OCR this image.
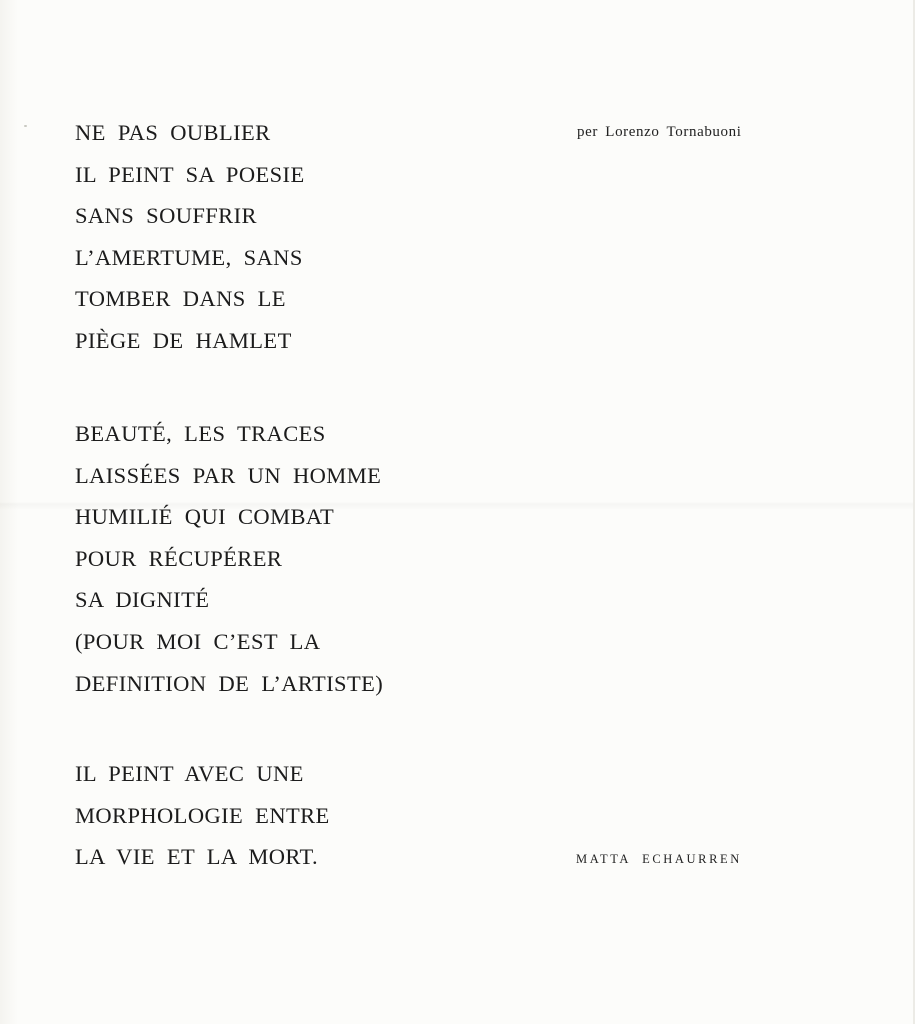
NE PAS OUBLIER
IL PEINT SA POESIE
SANS SOUFFRIR
L’AMERTUME, SANS
TOMBER DANS LE
PIÈGE DE HAMLET
BEAUTÉ, LES TRACES
LAISSÉES PAR UN HOMME
HUMILIÉ QUI COMBAT
POUR RÉCUPÉRER
SA DIGNITÉ
(POUR MOI C’EST LA
DEFINITION DE L’ARTISTE)
IL PEINT AVEC UNE
MORPHOLOGIE ENTRE
LA VIE ET LA MORT.
per Lorenzo Tornabuoni
MATTA ECHAURREN
